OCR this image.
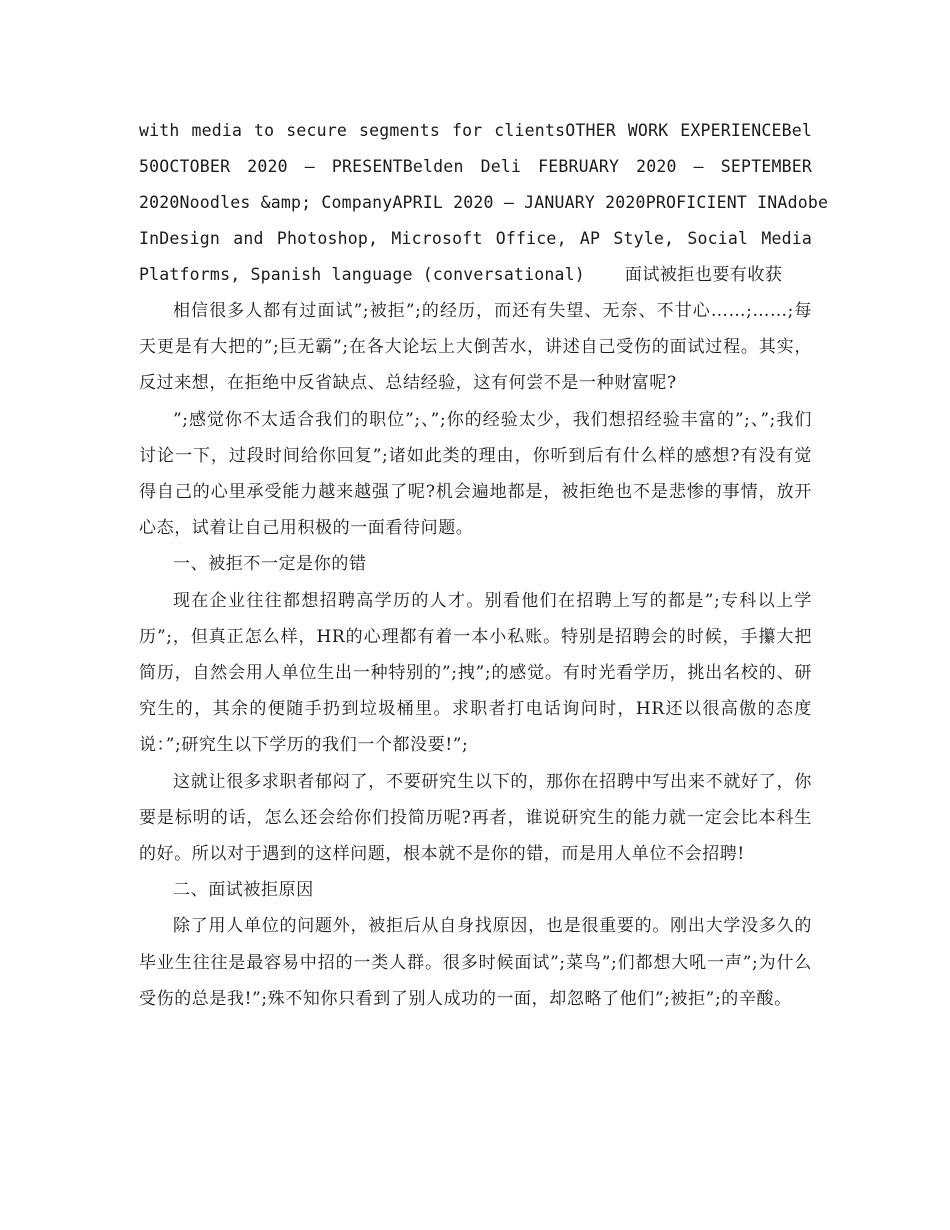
with media to secure segments for clientsOTHER WORK EXPERIENCEBel
50OCTOBER 2020 – PRESENTBelden Deli FEBRUARY 2020 – SEPTEMBER
2020Noodles &amp; CompanyAPRIL 2020 – JANUARY 2020PROFICIENT INAdobe
InDesign and Photoshop, Microsoft Office, AP Style, Social Media
Platforms, Spanish language (conversational) 面试被拒也要有收获

相信很多人都有过面试”;被拒”;的经历，而还有失望、无奈、不甘心……;……;每天更是有大把的”;巨无霸”;在各大论坛上大倒苦水，讲述自己受伤的面试过程。其实，反过来想，在拒绝中反省缺点、总结经验，这有何尝不是一种财富呢?

”;感觉你不太适合我们的职位”;、”;你的经验太少，我们想招经验丰富的”;、”;我们讨论一下，过段时间给你回复”;诸如此类的理由，你听到后有什么样的感想?有没有觉得自己的心里承受能力越来越强了呢?机会遍地都是，被拒绝也不是悲惨的事情，放开心态，试着让自己用积极的一面看待问题。

一、被拒不一定是你的错

现在企业往往都想招聘高学历的人才。别看他们在招聘上写的都是”;专科以上学历”;，但真正怎么样，HR的心理都有着一本小私账。特别是招聘会的时候，手攥大把简历，自然会用人单位生出一种特别的”;拽”;的感觉。有时光看学历，挑出名校的、研究生的，其余的便随手扔到垃圾桶里。求职者打电话询问时，HR还以很高傲的态度说：”;研究生以下学历的我们一个都没要!”;

这就让很多求职者郁闷了，不要研究生以下的，那你在招聘中写出来不就好了，你要是标明的话，怎么还会给你们投简历呢?再者，谁说研究生的能力就一定会比本科生的好。所以对于遇到的这样问题，根本就不是你的错，而是用人单位不会招聘!

二、面试被拒原因

除了用人单位的问题外，被拒后从自身找原因，也是很重要的。刚出大学没多久的毕业生往往是最容易中招的一类人群。很多时候面试”;菜鸟”;们都想大吼一声”;为什么受伤的总是我!”;殊不知你只看到了别人成功的一面，却忽略了他们”;被拒”;的辛酸。
